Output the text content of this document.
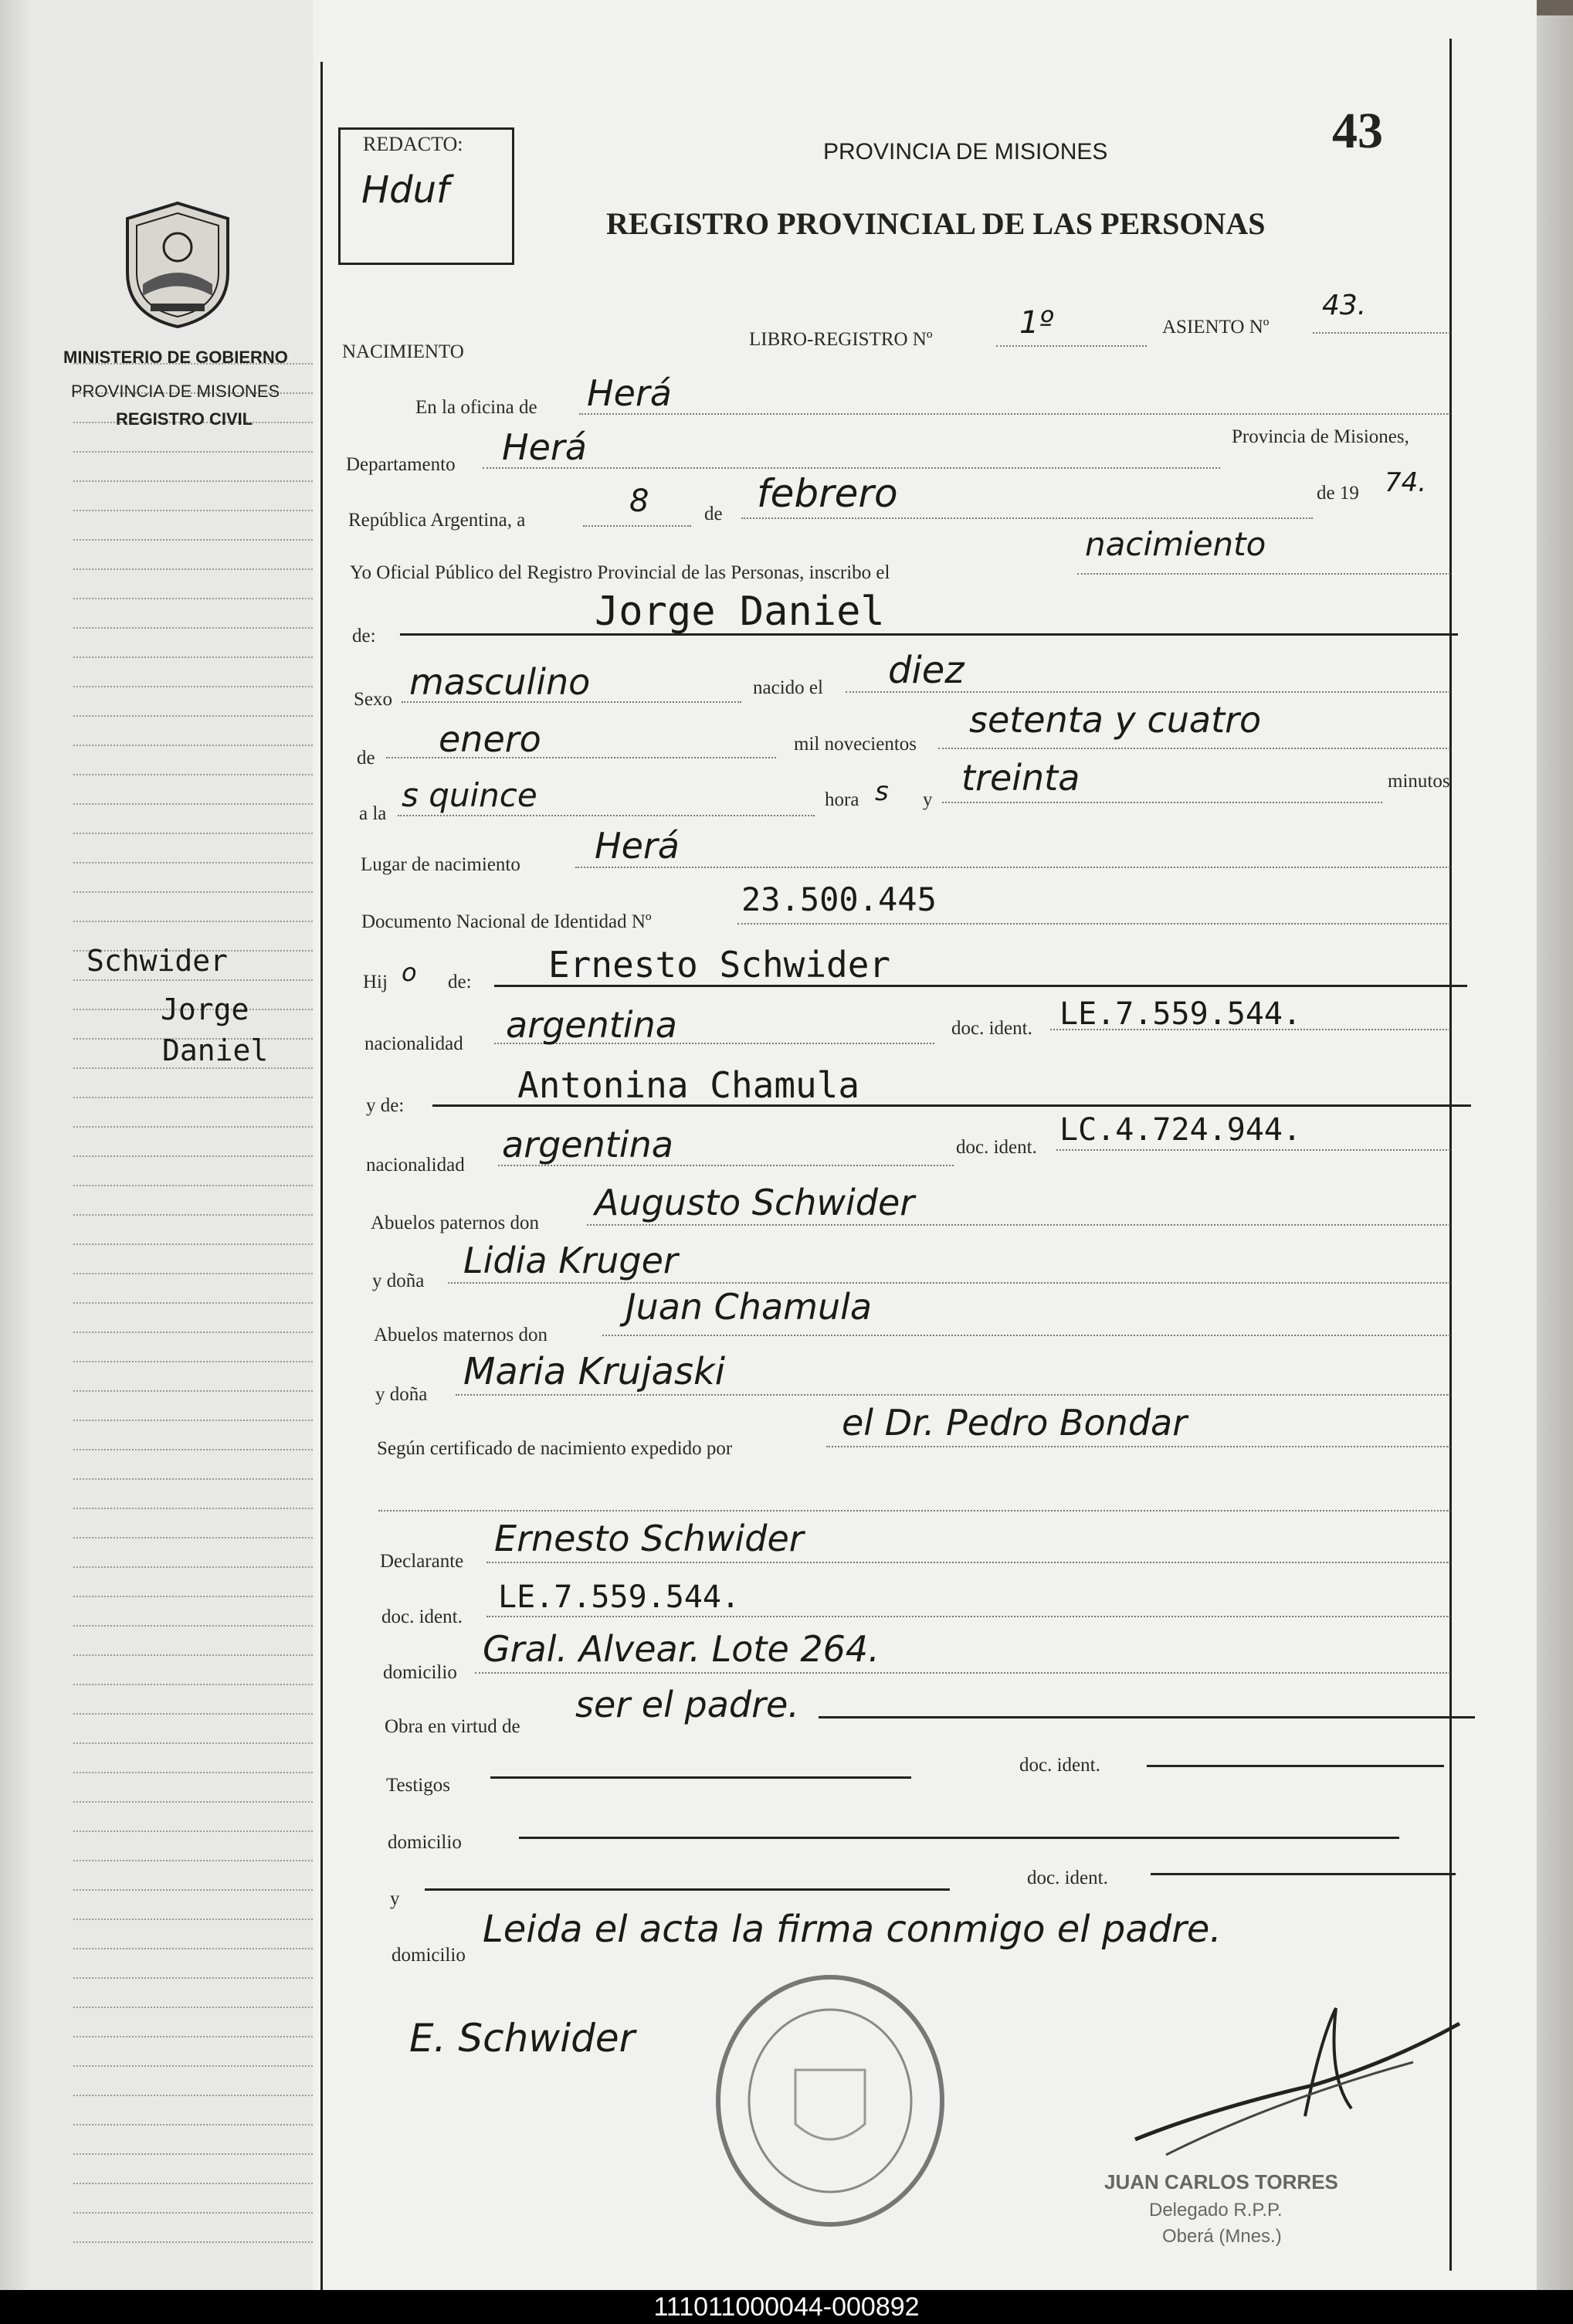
MINISTERIO DE GOBIERNO
PROVINCIA DE MISIONES
REGISTRO CIVIL
Schwider
Jorge
Daniel
REDACTO:
Hduf
PROVINCIA DE MISIONES
REGISTRO PROVINCIAL DE LAS PERSONAS
43
NACIMIENTO
LIBRO-REGISTRO Nº	1º	ASIENTO Nº
43.
En la oficina de Herá
Departamento Herá	Provincia de Misiones,
República Argentina, a
8	de febrero	de 19 74.
Yo Oficial Público del Registro Provincial de las Personas, inscribo el
nacimiento
de:
Jorge Daniel
Sexo masculino	nacido el diez
de enero	mil novecientos
setenta y cuatro
a la s quince	hora s y
treinta	minutos
Lugar de nacimiento Herá
Documento Nacional de Identidad Nº
23.500.445
Hij o de: Ernesto Schwider
nacionalidad argentina	doc. ident. LE.7.559.544.
y de:	Antonina Chamula
nacionalidad argentina	doc. ident. LC.4.724.944.
Abuelos paternos don Augusto Schwider
y doña Lidia Kruger
Abuelos maternos don
Juan Chamula
y doña
Maria Krujaski
Según certificado de nacimiento expedido por
el Dr. Pedro Bondar
Declarante
Ernesto Schwider
doc. ident.
LE.7.559.544.
domicilio
Gral. Alvear. Lote 264.
Obra en virtud de
ser el padre.
Testigos
doc. ident.
domicilio
y
doc. ident.
domicilio
Leida el acta la firma conmigo el padre.
E. Schwider
JUAN CARLOS TORRES
Delegado R.P.P.
Oberá (Mnes.)
111011000044-000892
